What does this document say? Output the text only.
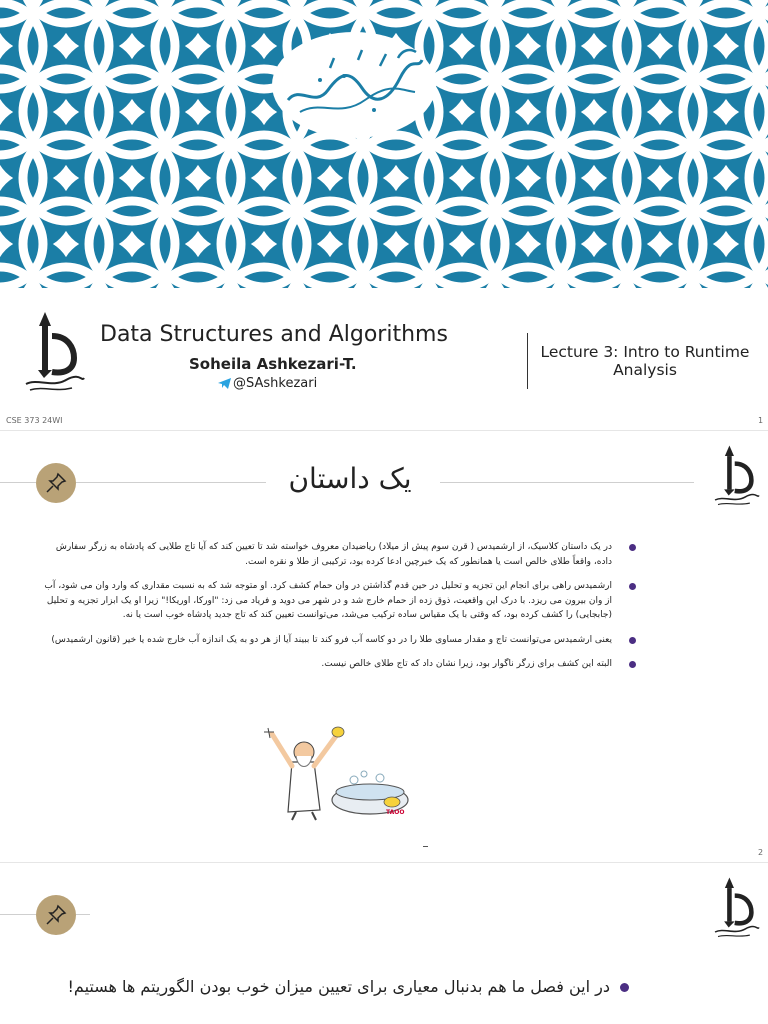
Data Structures and Algorithms
Soheila Ashkezari-T.
@SAshkezari
Lecture 3: Intro to Runtime Analysis
CSE 373 24WI	1
یک داستان
در یک داستان کلاسیک، از ارشمیدس ( قرن سوم پیش از میلاد) ریاضیدان معروف خواسته شد تا تعیین کند که آیا تاج طلایی که پادشاه به زرگر سفارش داده، واقعاً طلای خالص است یا همانطور که یک خبرچین ادعا کرده بود، ترکیبی از طلا و نقره است.
ارشمیدس راهی برای انجام این تجزیه و تحلیل در حین قدم گذاشتن در وان حمام کشف کرد. او متوجه شد که به نسبت مقداری که وارد وان می شود، آب از وان بیرون می ریزد. با درک این واقعیت، ذوق زده از حمام خارج شد و در شهر می دوید و فریاد می زد: "اورکا، اوریکا!" زیرا او یک ابزار تجزیه و تحلیل (جابجایی) را کشف کرده بود، که وقتی با یک مقیاس ساده ترکیب می‌شد، می‌توانست تعیین کند که تاج جدید پادشاه خوب است یا نه.
یعنی ارشمیدس می‌توانست تاج و مقدار مساوی طلا را در دو کاسه آب فرو کند تا ببیند آیا از هر دو به یک اندازه آب خارج شده یا خیر (قانون ارشمیدس)
البته این کشف برای زرگر ناگوار بود، زیرا نشان داد که تاج طلای خالص نیست.
TAOO
2
در این فصل ما هم بدنبال معیاری برای تعیین میزان خوب بودن الگوریتم ها هستیم!
